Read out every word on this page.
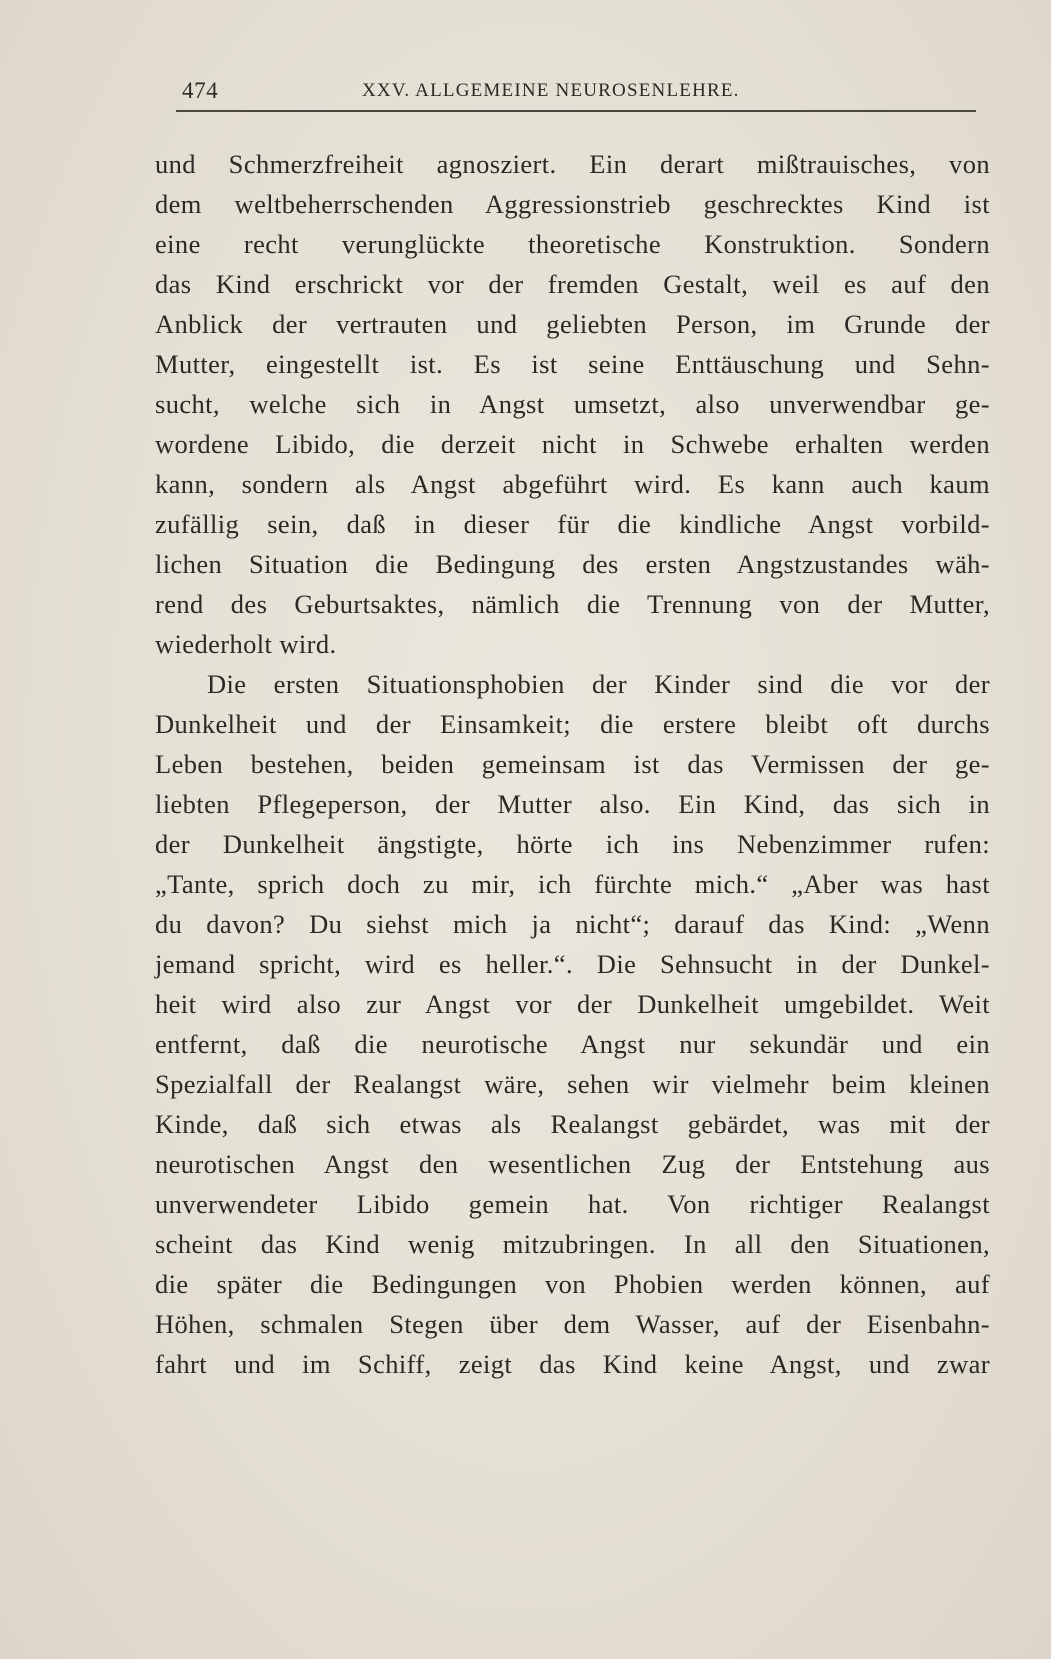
474	XXV. ALLGEMEINE NEUROSENLEHRE.
und Schmerzfreiheit agnosziert. Ein derart mißtrauisches, von
dem weltbeherrschenden Aggressionstrieb geschrecktes Kind ist
eine recht verunglückte theoretische Konstruktion. Sondern
das Kind erschrickt vor der fremden Gestalt, weil es auf den
Anblick der vertrauten und geliebten Person, im Grunde der
Mutter, eingestellt ist. Es ist seine Enttäuschung und Sehn-
sucht, welche sich in Angst umsetzt, also unverwendbar ge-
wordene Libido, die derzeit nicht in Schwebe erhalten werden
kann, sondern als Angst abgeführt wird. Es kann auch kaum
zufällig sein, daß in dieser für die kindliche Angst vorbild-
lichen Situation die Bedingung des ersten Angstzustandes wäh-
rend des Geburtsaktes, nämlich die Trennung von der Mutter,
wiederholt wird.
Die ersten Situationsphobien der Kinder sind die vor der
Dunkelheit und der Einsamkeit; die erstere bleibt oft durchs
Leben bestehen, beiden gemeinsam ist das Vermissen der ge-
liebten Pflegeperson, der Mutter also. Ein Kind, das sich in
der Dunkelheit ängstigte, hörte ich ins Nebenzimmer rufen:
„Tante, sprich doch zu mir, ich fürchte mich.“ „Aber was hast
du davon? Du siehst mich ja nicht“; darauf das Kind: „Wenn
jemand spricht, wird es heller.“. Die Sehnsucht in der Dunkel-
heit wird also zur Angst vor der Dunkelheit umgebildet. Weit
entfernt, daß die neurotische Angst nur sekundär und ein
Spezialfall der Realangst wäre, sehen wir vielmehr beim kleinen
Kinde, daß sich etwas als Realangst gebärdet, was mit der
neurotischen Angst den wesentlichen Zug der Entstehung aus
unverwendeter Libido gemein hat. Von richtiger Realangst
scheint das Kind wenig mitzubringen. In all den Situationen,
die später die Bedingungen von Phobien werden können, auf
Höhen, schmalen Stegen über dem Wasser, auf der Eisenbahn-
fahrt und im Schiff, zeigt das Kind keine Angst, und zwar
